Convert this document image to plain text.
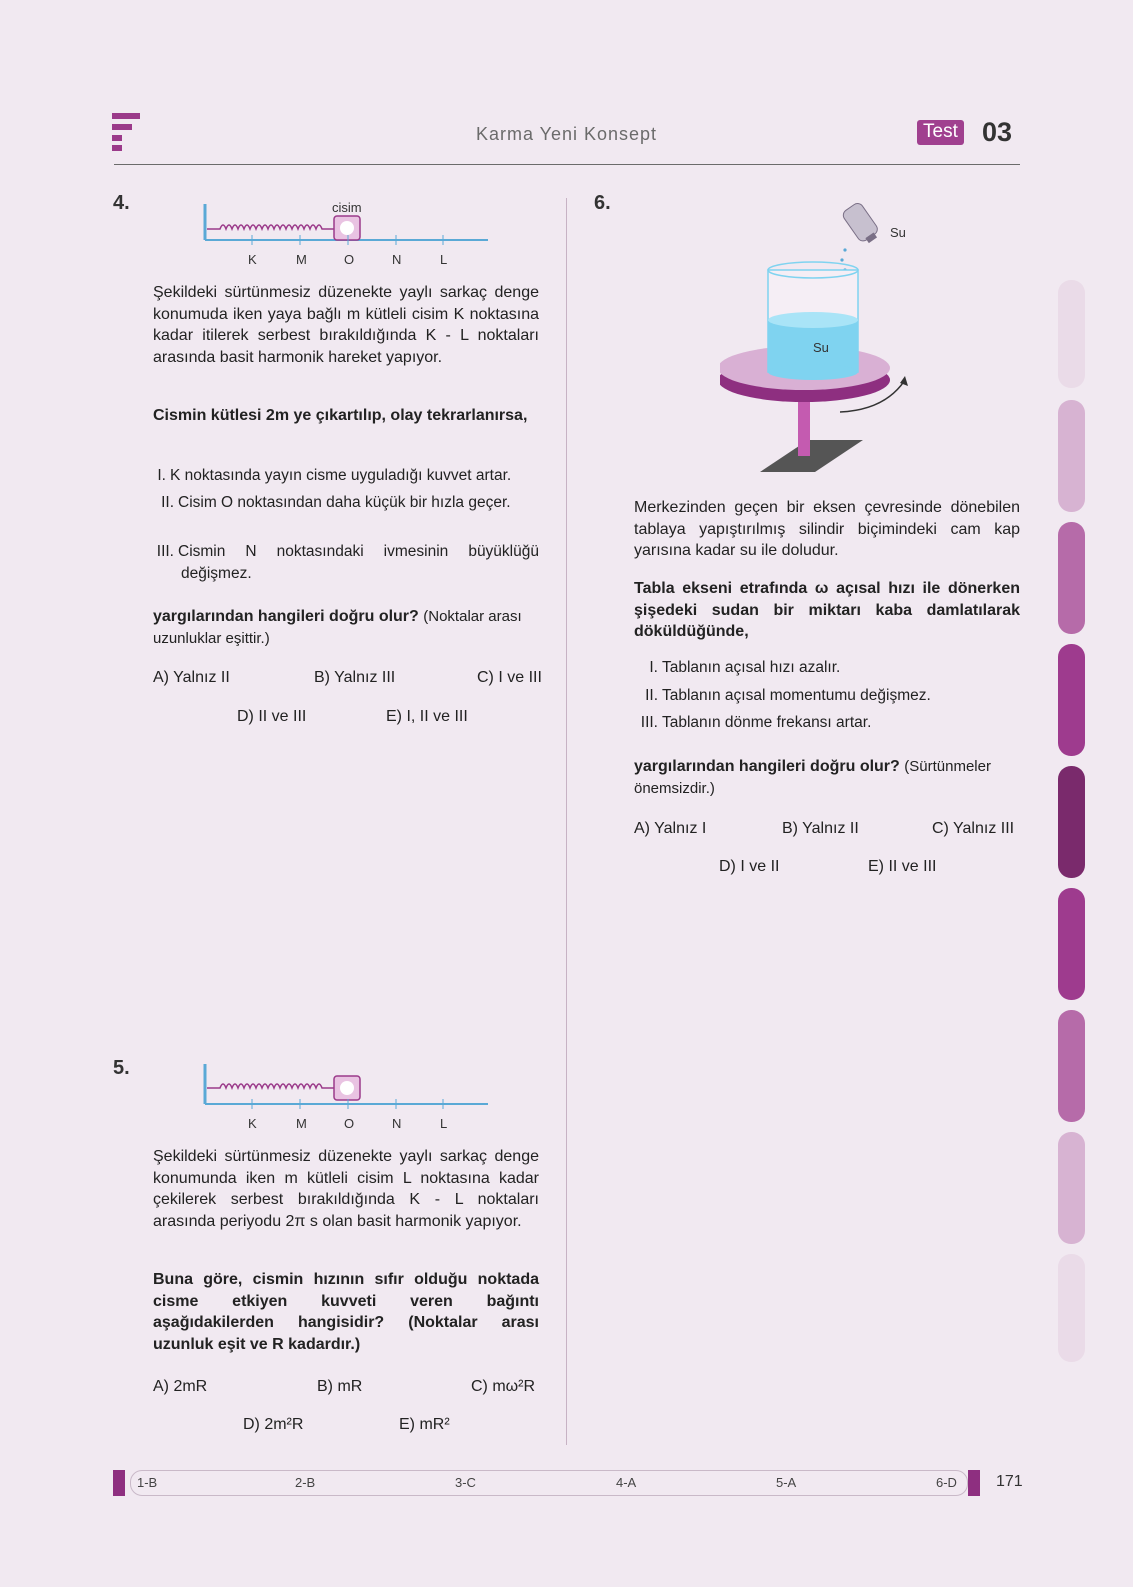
Karma Yeni Konsept	Test 03
4.	cisim
K	M	O	N	L
Şekildeki sürtünmesiz düzenekte yaylı sarkaç denge konumuda iken yaya bağlı m kütleli cisim K noktasına kadar itilerek serbest bırakıldığında K - L noktaları arasında basit harmonik hareket yapıyor.
Cismin kütlesi 2m ye çıkartılıp, olay tekrarlanırsa,
I. K noktasında yayın cisme uyguladığı kuvvet artar.
II. Cisim O noktasından daha küçük bir hızla geçer.
III. Cismin N noktasındaki ivmesinin büyüklüğü değişmez.
yargılarından hangileri doğru olur? (Noktalar arası uzunluklar eşittir.)
A) Yalnız II	B) Yalnız III	C) I ve III
D) II ve III	E) I, II ve III
5.
K	M	O	N	L
Şekildeki sürtünmesiz düzenekte yaylı sarkaç denge konumunda iken m kütleli cisim L noktasına kadar çekilerek serbest bırakıldığında K - L noktaları arasında periyodu 2π s olan basit harmonik yapıyor.
Buna göre, cismin hızının sıfır olduğu noktada cisme etkiyen kuvveti veren bağıntı aşağıdakilerden hangisidir? (Noktalar arası uzunluk eşit ve R kadardır.)
A) 2mR	B) mR	C) mω²R
D) 2m²R	E) mR²
6.
Su
Su
Merkezinden geçen bir eksen çevresinde dönebilen tablaya yapıştırılmış silindir biçimindeki cam kap yarısına kadar su ile doludur.
Tabla ekseni etrafında ω açısal hızı ile dönerken şişedeki sudan bir miktarı kaba damlatılarak döküldüğünde,
I. Tablanın açısal hızı azalır.
II. Tablanın açısal momentumu değişmez.
III. Tablanın dönme frekansı artar.
yargılarından hangileri doğru olur? (Sürtünmeler önemsizdir.)
A) Yalnız I	B) Yalnız II	C) Yalnız III
D) I ve II	E) II ve III
1-B	2-B	3-C	4-A	5-A	6-D 171
